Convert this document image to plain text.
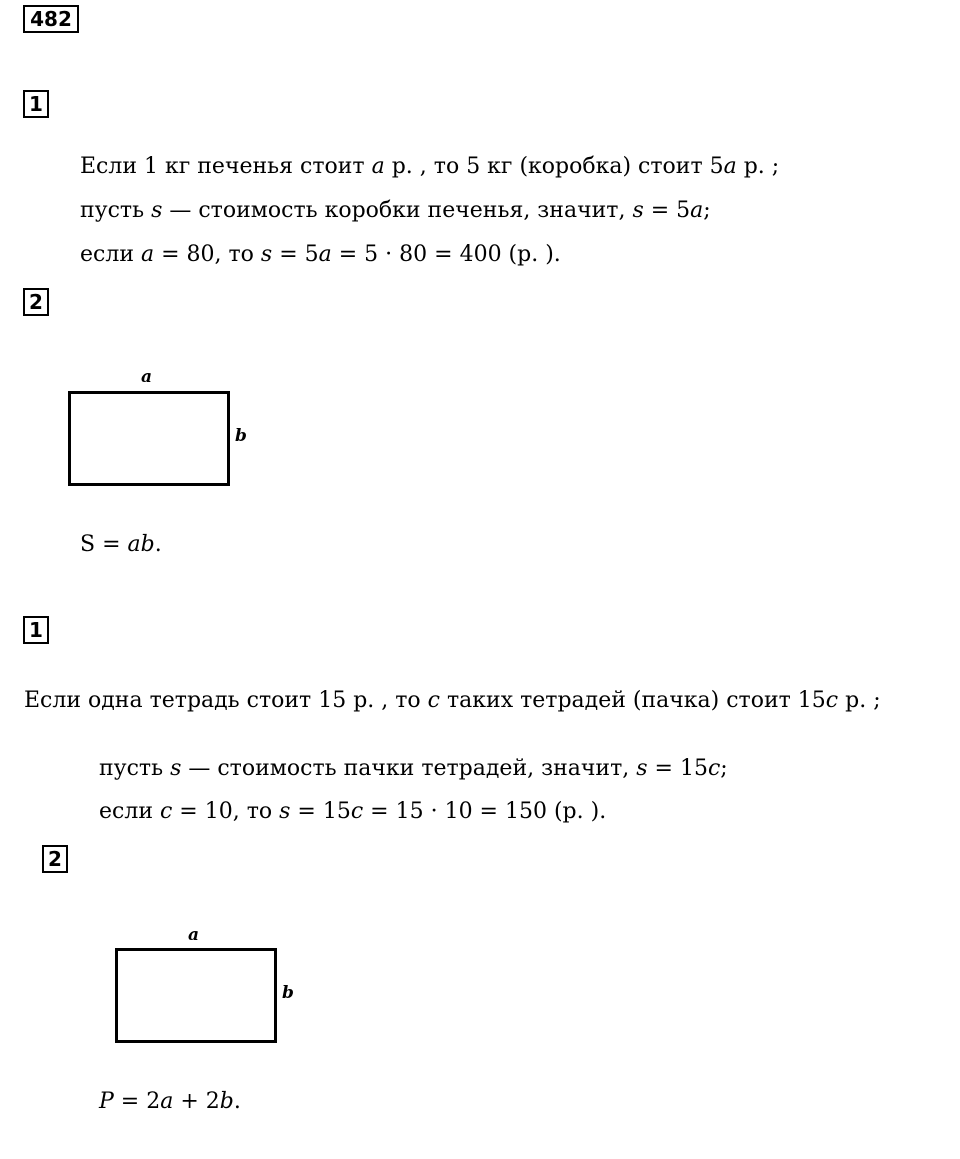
482
1
Если 1 кг печенья стоит a р. , то 5 кг (коробка) стоит 5a р. ;
пусть s — стоимость коробки печенья, значит, s = 5a;
если a = 80, то s = 5a = 5 · 80 = 400 (р. ).
2
a
b
S = ab.
1
Если одна тетрадь стоит 15 р. , то c таких тетрадей (пачка) стоит 15c р. ;
пусть s — стоимость пачки тетрадей, значит, s = 15c;
если c = 10, то s = 15c = 15 · 10 = 150 (р. ).
2
a
b
P = 2a + 2b.
